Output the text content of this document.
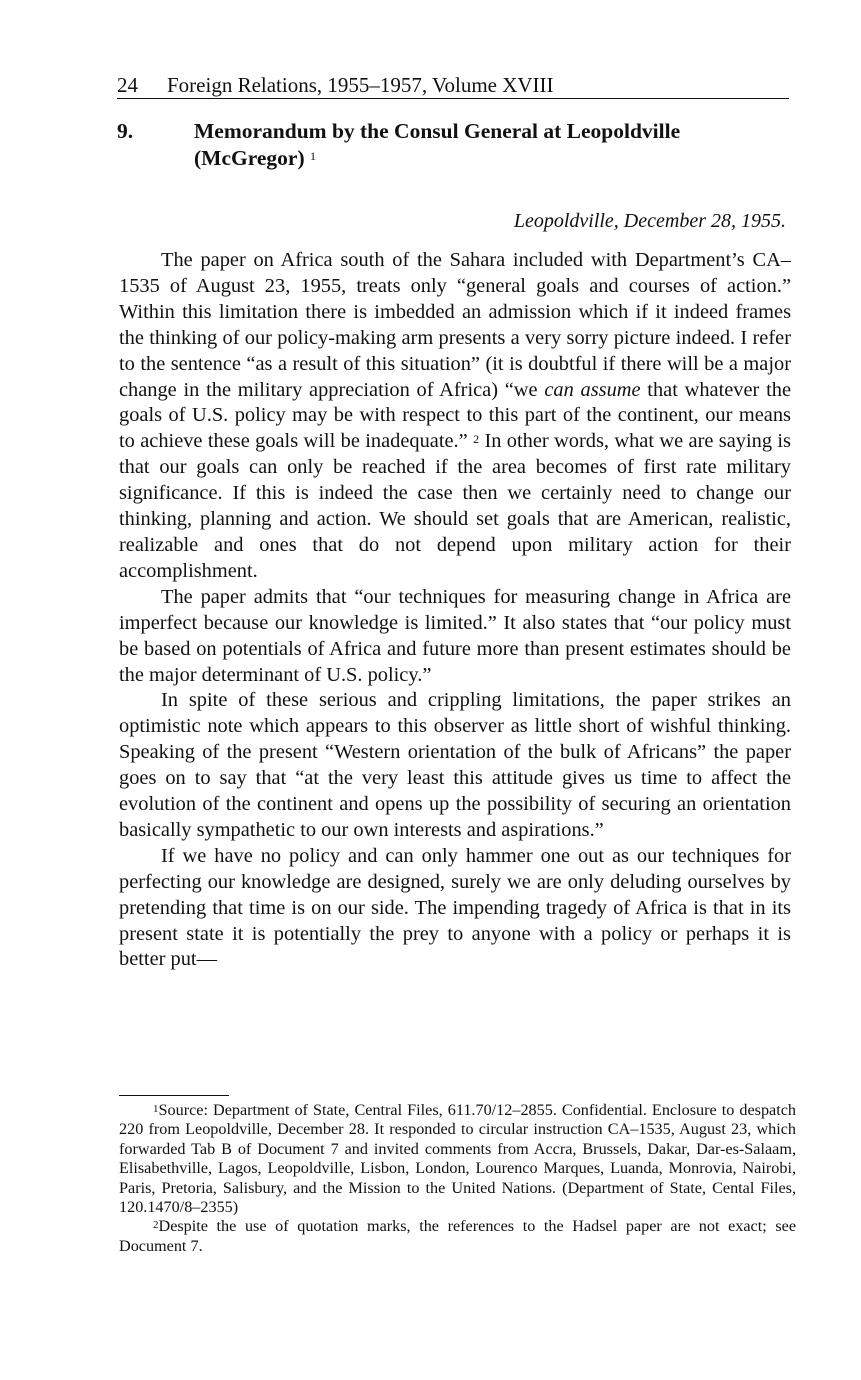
24 Foreign Relations, 1955–1957, Volume XVIII
9.	Memorandum by the Consul General at Leopoldville (McGregor) $^1$
Leopoldville, December 28, 1955.

The paper on Africa south of the Sahara included with Department’s CA–1535 of August 23, 1955, treats only “general goals and courses of action.” Within this limitation there is imbedded an admission which if it indeed frames the thinking of our policy-making arm presents a very sorry picture indeed. I refer to the sentence “as a result of this situation” (it is doubtful if there will be a major change in the military appreciation of Africa) “we can assume that whatever the goals of U.S. policy may be with respect to this part of the continent, our means to achieve these goals will be inadequate.” $^2$ In other words, what we are saying is that our goals can only be reached if the area becomes of first rate military significance. If this is indeed the case then we certainly need to change our thinking, planning and action. We should set goals that are American, realistic, realizable and ones that do not depend upon military action for their accomplishment.

The paper admits that “our techniques for measuring change in Africa are imperfect because our knowledge is limited.” It also states that “our policy must be based on potentials of Africa and future more than present estimates should be the major determinant of U.S. policy.”

In spite of these serious and crippling limitations, the paper strikes an optimistic note which appears to this observer as little short of wishful thinking. Speaking of the present “Western orientation of the bulk of Africans” the paper goes on to say that “at the very least this attitude gives us time to affect the evolution of the continent and opens up the possibility of securing an orientation basically sympathetic to our own interests and aspirations.”

If we have no policy and can only hammer one out as our techniques for perfecting our knowledge are designed, surely we are only deluding ourselves by pretending that time is on our side. The impending tragedy of Africa is that in its present state it is potentially the prey to anyone with a policy or perhaps it is better put—

$^1$Source: Department of State, Central Files, 611.70/12–2855. Confidential. Enclosure to despatch 220 from Leopoldville, December 28. It responded to circular instruction CA–1535, August 23, which forwarded Tab B of Document 7 and invited comments from Accra, Brussels, Dakar, Dar-es-Salaam, Elisabethville, Lagos, Leopoldville, Lisbon, London, Lourenco Marques, Luanda, Monrovia, Nairobi, Paris, Pretoria, Salisbury, and the Mission to the United Nations. (Department of State, Cental Files, 120.1470/8–2355)

$^2$Despite the use of quotation marks, the references to the Hadsel paper are not exact; see Document 7.
